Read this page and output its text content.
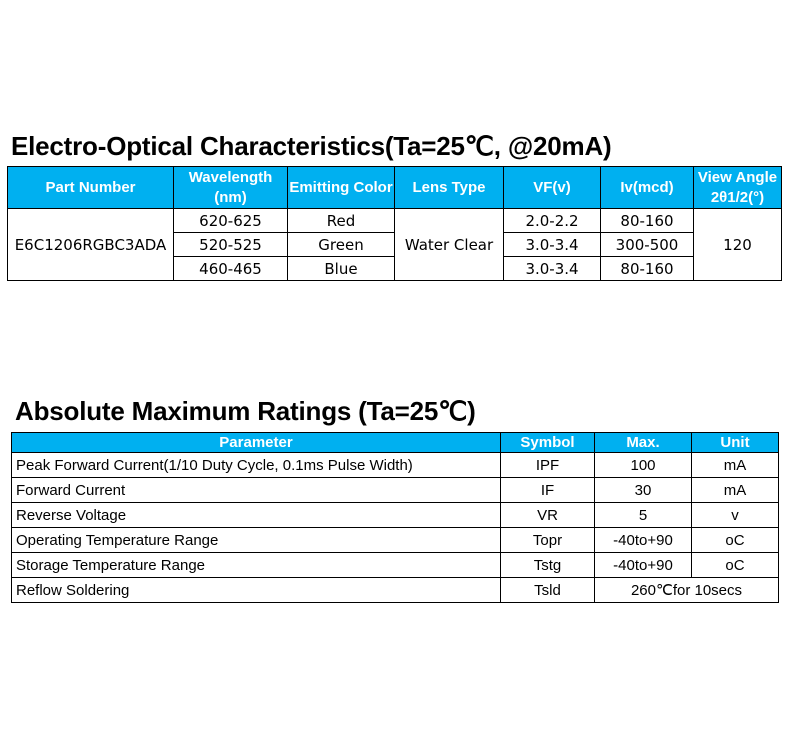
Electro-Optical Characteristics(Ta=25℃, @20mA)
Part Number	Wavelength (nm)	Emitting Color	Lens Type	VF(v)	Iv(mcd)	View Angle 2θ1/2(°)
E6C1206RGBC3ADA	620-625	Red	Water Clear	2.0-2.2	80-160	120
	520-525	Green		3.0-3.4	300-500	
	460-465	Blue		3.0-3.4	80-160	
Absolute Maximum Ratings (Ta=25℃)
Parameter	Symbol	Max.	Unit
Peak Forward Current(1/10 Duty Cycle, 0.1ms Pulse Width)	IPF	100	mA
Forward Current	IF	30	mA
Reverse Voltage	VR	5	v
Operating Temperature Range	Topr	-40to+90	oC
Storage Temperature Range	Tstg	-40to+90	oC
Reflow Soldering	Tsld	260℃for 10secs	
